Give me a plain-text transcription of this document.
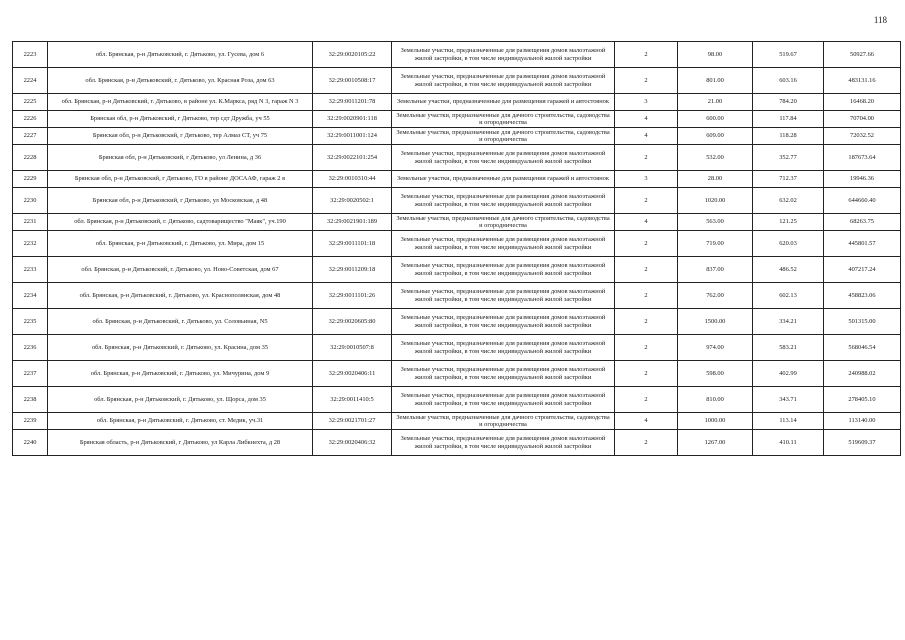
118
2223	обл. Брянская, р-н Дятьковский, г. Дятьково, ул. Гусева, дом 6	32:29:0020105:22	Земельные участки, предназначенные для размещения домов малоэтажной жилой застройки, в том числе индивидуальной жилой застройки	2	98.00	519.67	50927.66
2224	обл. Брянская, р-н Дятьковский, г. Дятьково, ул. Красная Роза, дом 63	32:29:0010508:17	Земельные участки, предназначенные для размещения домов малоэтажной жилой застройки, в том числе индивидуальной жилой застройки	2	801.00	603.16	483131.16
2225	обл. Брянская, р-н Дятьковский, г. Дятьково, в районе ул. К.Маркса, ряд N 3, гараж N 3	32:29:0011201:78	Земельные участки, предназначенные для размещения гаражей и автостоянок	3	21.00	784.20	16468.20
2226	Брянская обл, р-н Дятьковский, г Дятьково, тер сдт Дружба, уч 55	32:29:0020901:118	Земельные участки, предназначенные для дачного строительства, садоводства и огородничества	4	600.00	117.84	70704.00
2227	Брянская обл, р-н Дятьковский, г Дятьково, тер Алмаз СТ, уч 75	32:29:0011001:124	Земельные участки, предназначенные для дачного строительства, садоводства и огородничества	4	609.00	118.28	72032.52
2228	Брянская обл, р-н Дятьковский, г Дятьково, ул Ленина, д 36	32:29:0022101:254	Земельные участки, предназначенные для размещения домов малоэтажной жилой застройки, в том числе индивидуальной жилой застройки	2	532.00	352.77	187673.64
2229	Брянская обл, р-н Дятьковский, г Дятьково, ГО в районе ДОСААФ, гараж 2 в	32:29:0010310:44	Земельные участки, предназначенные для размещения гаражей и автостоянок	3	28.00	712.37	19946.36
2230	Брянская обл, р-н Дятьковский, г Дятьково, ул Московская, д 48	32:29:0020502:1	Земельные участки, предназначенные для размещения домов малоэтажной жилой застройки, в том числе индивидуальной жилой застройки	2	1020.00	632.02	644660.40
2231	обл. Брянская, р-н Дятьковский, г. Дятьково, садтоварищество "Маяк", уч.190	32:29:0021901:189	Земельные участки, предназначенные для дачного строительства, садоводства и огородничества	4	563.00	121.25	68263.75
2232	обл. Брянская, р-н Дятьковский, г. Дятьково, ул. Мира, дом 15	32:29:0011101:18	Земельные участки, предназначенные для размещения домов малоэтажной жилой застройки, в том числе индивидуальной жилой застройки	2	719.00	620.03	445801.57
2233	обл. Брянская, р-н Дятьковский, г. Дятьково, ул. Ново-Советская, дом 67	32:29:0011209:18	Земельные участки, предназначенные для размещения домов малоэтажной жилой застройки, в том числе индивидуальной жилой застройки	2	837.00	486.52	407217.24
2234	обл. Брянская, р-н Дятьковский, г. Дятьково, ул. Краснополянская, дом 48	32:29:0011101:26	Земельные участки, предназначенные для размещения домов малоэтажной жилой застройки, в том числе индивидуальной жилой застройки	2	762.00	602.13	458823.06
2235	обл. Брянская, р-н Дятьковский, г. Дятьково, ул. Соловьиная, N5	32:29:0020605:80	Земельные участки, предназначенные для размещения домов малоэтажной жилой застройки, в том числе индивидуальной жилой застройки	2	1500.00	334.21	501315.00
2236	обл. Брянская, р-н Дятьковский, г. Дятьково, ул. Красина, дом 35	32:29:0010507:8	Земельные участки, предназначенные для размещения домов малоэтажной жилой застройки, в том числе индивидуальной жилой застройки	2	974.00	583.21	568046.54
2237	обл. Брянская, р-н Дятьковский, г. Дятьково, ул. Мичурина, дом 9	32:29:0020406:11	Земельные участки, предназначенные для размещения домов малоэтажной жилой застройки, в том числе индивидуальной жилой застройки	2	598.00	402.99	240988.02
2238	обл. Брянская, р-н Дятьковский, г. Дятьково, ул. Щорса, дом 35	32:29:0011410:5	Земельные участки, предназначенные для размещения домов малоэтажной жилой застройки, в том числе индивидуальной жилой застройки	2	810.00	343.71	278405.10
2239	обл. Брянская, р-н Дятьковский, г. Дятьково, ст. Медик, уч.31	32:29:0021701:27	Земельные участки, предназначенные для дачного строительства, садоводства и огородничества	4	1000.00	113.14	113140.00
2240	Брянская область, р-н Дятьковский, г Дятьково, ул Карла Либкнехта, д 28	32:29:0020406:32	Земельные участки, предназначенные для размещения домов малоэтажной жилой застройки, в том числе индивидуальной жилой застройки	2	1267.00	410.11	519609.37
